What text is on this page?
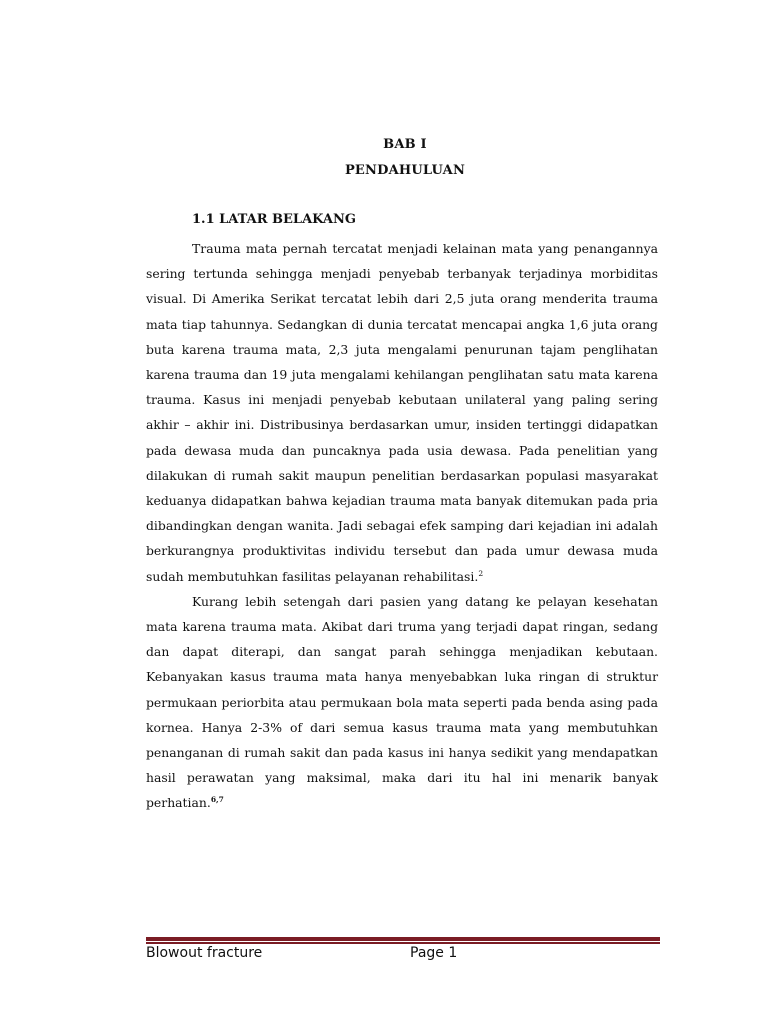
BAB I
PENDAHULUAN
1.1 LATAR BELAKANG

Trauma mata pernah tercatat menjadi kelainan mata yang penangannya sering tertunda sehingga menjadi penyebab terbanyak terjadinya morbiditas visual. Di Amerika Serikat tercatat lebih dari 2,5 juta orang menderita trauma mata tiap tahunnya. Sedangkan di dunia tercatat mencapai angka 1,6 juta orang buta karena trauma mata, 2,3 juta mengalami penurunan tajam penglihatan karena trauma dan 19 juta mengalami kehilangan penglihatan satu mata karena trauma. Kasus ini menjadi penyebab kebutaan unilateral yang paling sering akhir – akhir ini. Distribusinya berdasarkan umur, insiden tertinggi didapatkan pada dewasa muda dan puncaknya pada usia dewasa. Pada penelitian yang dilakukan di rumah sakit maupun penelitian berdasarkan populasi masyarakat keduanya didapatkan bahwa kejadian trauma mata banyak ditemukan pada pria dibandingkan dengan wanita. Jadi sebagai efek samping dari kejadian ini adalah berkurangnya produktivitas individu tersebut dan pada umur dewasa muda sudah membutuhkan fasilitas pelayanan rehabilitasi.$^2$

Kurang lebih setengah dari pasien yang datang ke pelayan kesehatan mata karena trauma mata. Akibat dari truma yang terjadi dapat ringan, sedang dan dapat diterapi, dan sangat parah sehingga menjadikan kebutaan. Kebanyakan kasus trauma mata hanya menyebabkan luka ringan di struktur permukaan periorbita atau permukaan bola mata seperti pada benda asing pada kornea. Hanya 2-3% of dari semua kasus trauma mata yang membutuhkan penanganan di rumah sakit dan pada kasus ini hanya sedikit yang mendapatkan hasil perawatan yang maksimal, maka dari itu hal ini menarik banyak perhatian.$^{6,7}$

Blowout fracture	Page 1
